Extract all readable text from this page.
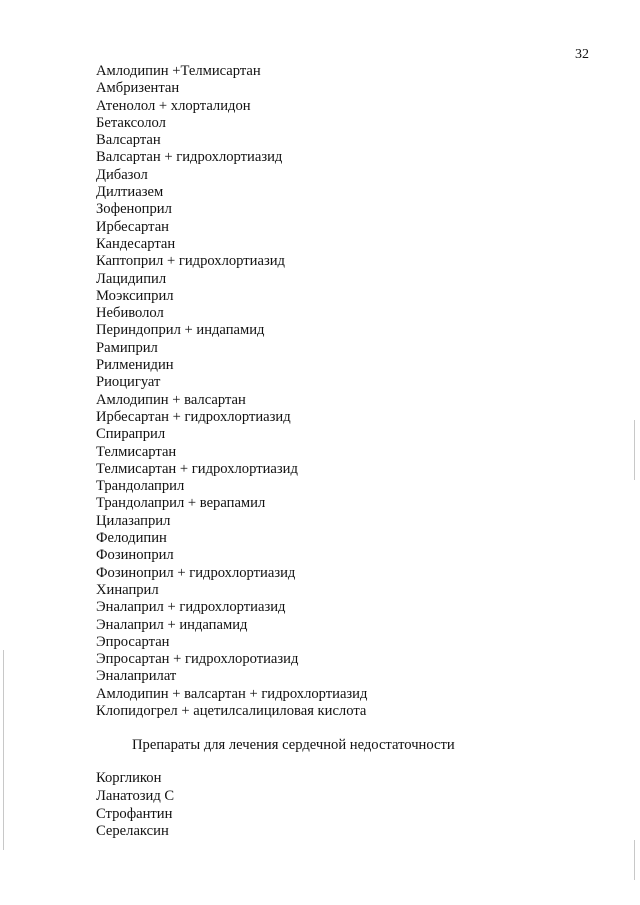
32
Амлодипин +Телмисартан
Амбризентан
Атенолол + хлорталидон
Бетаксолол
Валсартан
Валсартан + гидрохлортиазид
Дибазол
Дилтиазем
Зофеноприл
Ирбесартан
Кандесартан
Каптоприл + гидрохлортиазид
Лацидипил
Моэксиприл
Небиволол
Периндоприл + индапамид
Рамиприл
Рилменидин
Риоцигуат
Амлодипин + валсартан
Ирбесартан + гидрохлортиазид
Спираприл
Телмисартан
Телмисартан + гидрохлортиазид
Трандолаприл
Трандолаприл + верапамил
Цилазаприл
Фелодипин
Фозиноприл
Фозиноприл + гидрохлортиазид
Хинаприл
Эналаприл + гидрохлортиазид
Эналаприл + индапамид
Эпросартан
Эпросартан + гидрохлоротиазид
Эналаприлат
Амлодипин + валсартан + гидрохлортиазид
Клопидогрел + ацетилсалициловая кислота
Препараты для лечения сердечной недостаточности
Коргликон
Ланатозид С
Строфантин
Серелаксин
